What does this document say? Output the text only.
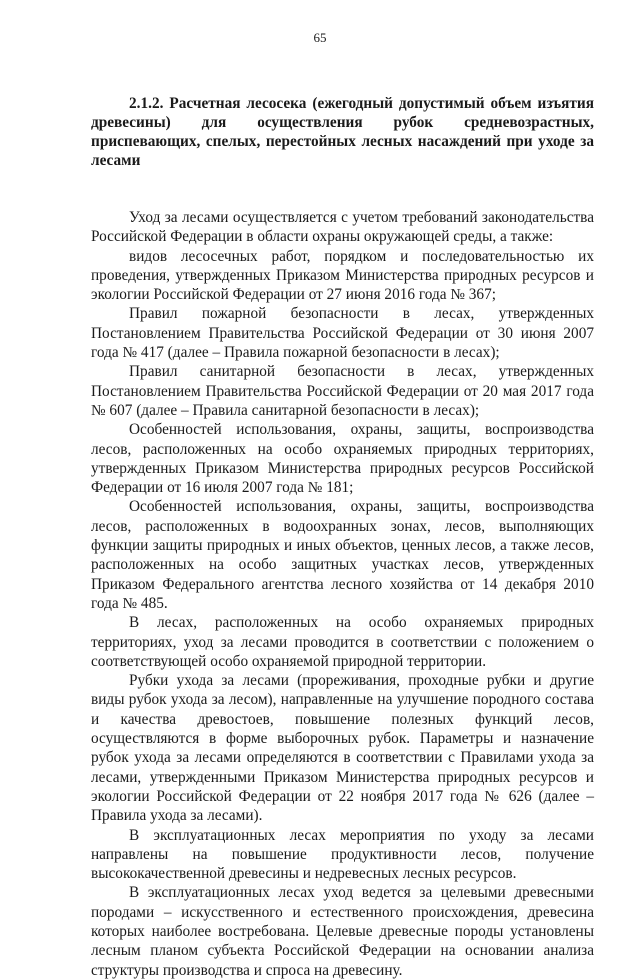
65

2.1.2. Расчетная лесосека (ежегодный допустимый объем изъятия древесины) для осуществления рубок средневозрастных, приспевающих, спелых, перестойных лесных насаждений при уходе за лесами

Уход за лесами осуществляется с учетом требований законодательства Российской Федерации в области охраны окружающей среды, а также:

видов лесосечных работ, порядком и последовательностью их проведения, утвержденных Приказом Министерства природных ресурсов и экологии Российской Федерации от 27 июня 2016 года № 367;

Правил пожарной безопасности в лесах, утвержденных Постановлением Правительства Российской Федерации от 30 июня 2007 года № 417 (далее – Правила пожарной безопасности в лесах);

Правил санитарной безопасности в лесах, утвержденных Постановлением Правительства Российской Федерации от 20 мая 2017 года № 607 (далее – Правила санитарной безопасности в лесах);

Особенностей использования, охраны, защиты, воспроизводства лесов, расположенных на особо охраняемых природных территориях, утвержденных Приказом Министерства природных ресурсов Российской Федерации от 16 июля 2007 года № 181;

Особенностей использования, охраны, защиты, воспроизводства лесов, расположенных в водоохранных зонах, лесов, выполняющих функции защиты природных и иных объектов, ценных лесов, а также лесов, расположенных на особо защитных участках лесов, утвержденных Приказом Федерального агентства лесного хозяйства от 14 декабря 2010 года № 485.

В лесах, расположенных на особо охраняемых природных территориях, уход за лесами проводится в соответствии с положением о соответствующей особо охраняемой природной территории.

Рубки ухода за лесами (прореживания, проходные рубки и другие виды рубок ухода за лесом), направленные на улучшение породного состава и качества древостоев, повышение полезных функций лесов, осуществляются в форме выборочных рубок. Параметры и назначение рубок ухода за лесами определяются в соответствии с Правилами ухода за лесами, утвержденными Приказом Министерства природных ресурсов и экологии Российской Федерации от 22 ноября 2017 года № 626 (далее – Правила ухода за лесами).

В эксплуатационных лесах мероприятия по уходу за лесами направлены на повышение продуктивности лесов, получение высококачественной древесины и недревесных лесных ресурсов.

В эксплуатационных лесах уход ведется за целевыми древесными породами – искусственного и естественного происхождения, древесина которых наиболее востребована. Целевые древесные породы установлены лесным планом субъекта Российской Федерации на основании анализа структуры производства и спроса на древесину.
